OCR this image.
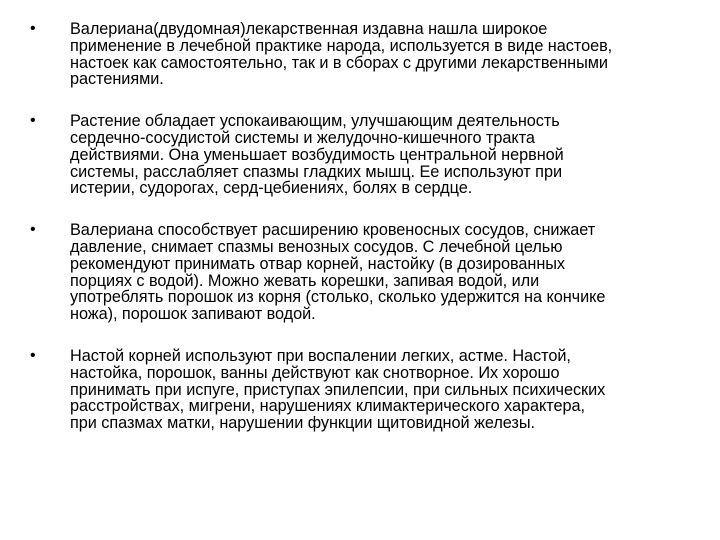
•	Валериана(двудомная)лекарственная издавна нашла широкое
применение в лечебной практике народа, используется в виде настоев,
настоек как самостоятельно, так и в сборах с другими лекарственными
растениями.
•	Растение обладает успокаивающим, улучшающим деятельность
сердечно-сосудистой системы и желудочно-кишечного тракта
действиями. Она уменьшает возбудимость центральной нервной
системы, расслабляет спазмы гладких мышц. Ее используют при
истерии, судорогах, серд-цебиениях, болях в сердце.
•	Валериана способствует расширению кровеносных сосудов, снижает
давление, снимает спазмы венозных сосудов. С лечебной целью
рекомендуют принимать отвар корней, настойку (в дозированных
порциях с водой). Можно жевать корешки, запивая водой, или
употреблять порошок из корня (столько, сколько удержится на кончике
ножа), порошок запивают водой.
•	Настой корней используют при воспалении легких, астме. Настой,
настойка, порошок, ванны действуют как снотворное. Их хорошо
принимать при испуге, приступах эпилепсии, при сильных психических
расстройствах, мигрени, нарушениях климактерического характера,
при спазмах матки, нарушении функции щитовидной железы.
